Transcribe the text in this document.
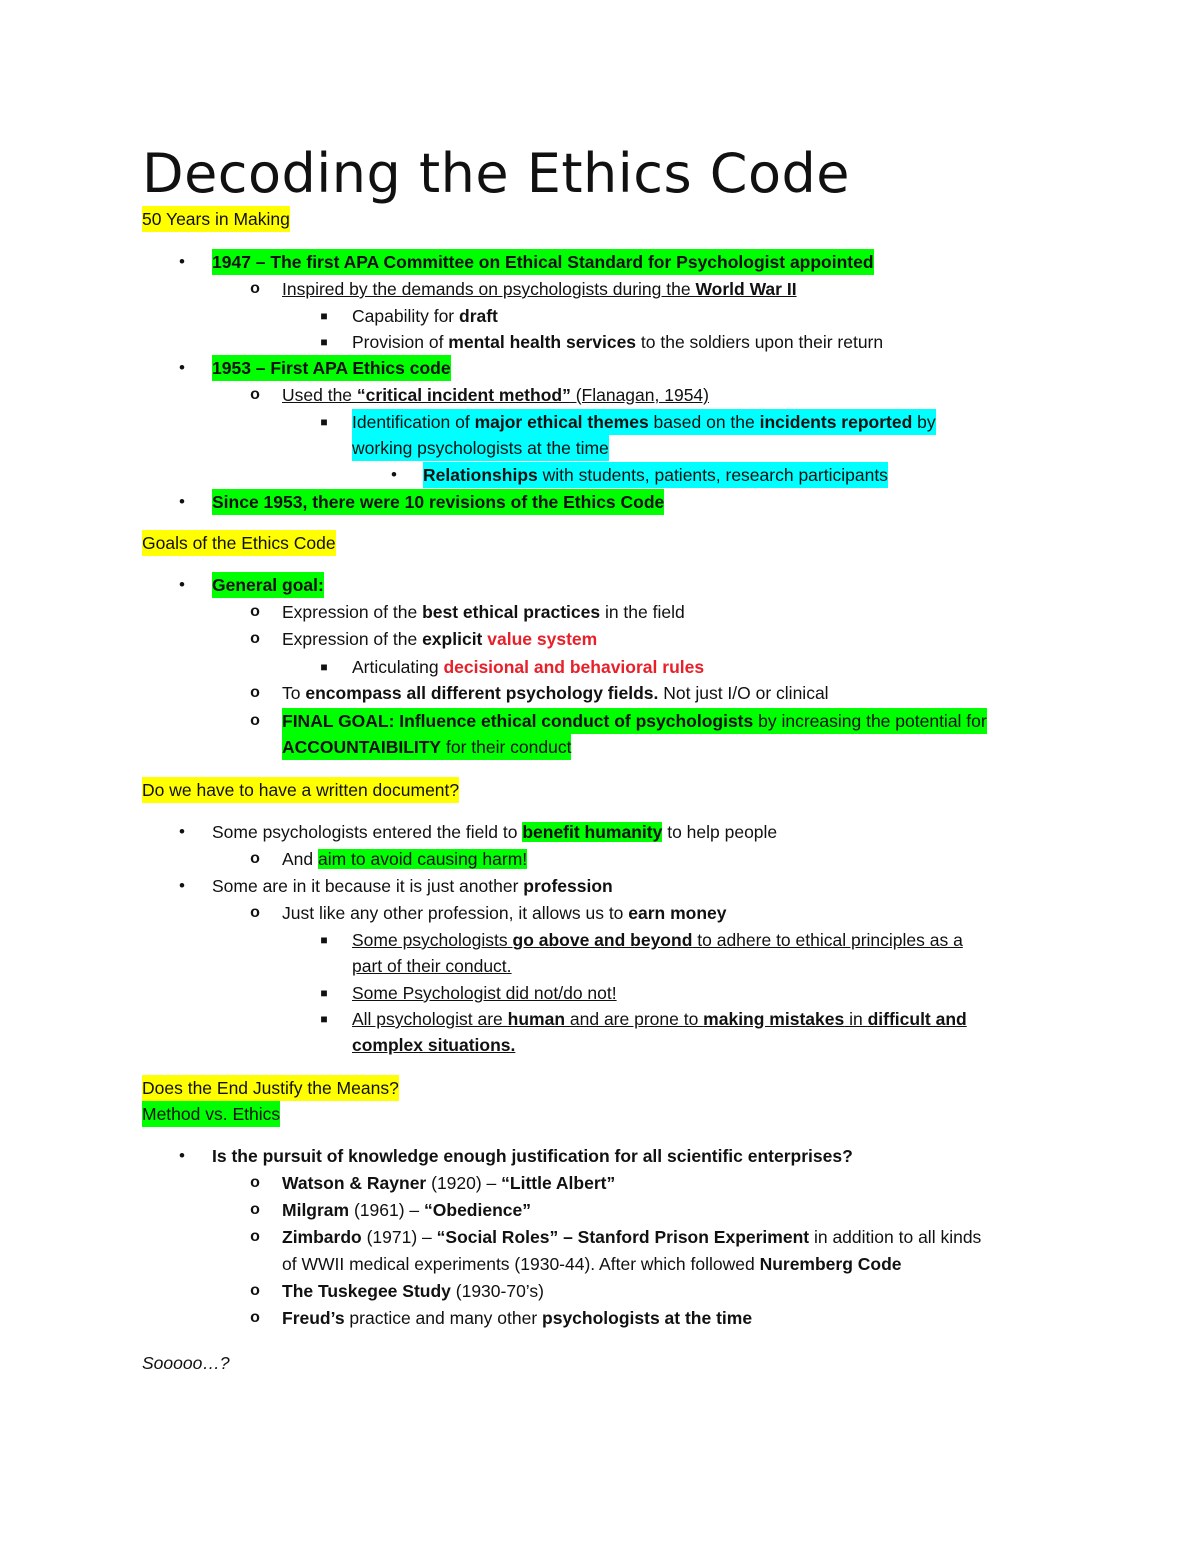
Decoding the Ethics Code
50 Years in Making
•	1947 – The first APA Committee on Ethical Standard for Psychologist appointed
o Inspired by the demands on psychologists during the World War II
■	Capability for draft
■	Provision of mental health services to the soldiers upon their return
•	1953 – First APA Ethics code
o Used the “critical incident method” (Flanagan, 1954)
■	Identification of major ethical themes based on the incidents reported by
working psychologists at the time
•	Relationships with students, patients, research participants
•	Since 1953, there were 10 revisions of the Ethics Code
Goals of the Ethics Code
•	General goal:
o Expression of the best ethical practices in the field
o Expression of the explicit value system
■	Articulating decisional and behavioral rules
o To encompass all different psychology fields. Not just I/O or clinical
o FINAL GOAL: Influence ethical conduct of psychologists by increasing the potential for
ACCOUNTAIBILITY for their conduct
Do we have to have a written document?
•	Some psychologists entered the field to benefit humanity to help people
o And aim to avoid causing harm!
•	Some are in it because it is just another profession
o Just like any other profession, it allows us to earn money
■	Some psychologists go above and beyond to adhere to ethical principles as a
part of their conduct.
■	Some Psychologist did not/do not!
■	All psychologist are human and are prone to making mistakes in difficult and
complex situations.
Does the End Justify the Means?
Method vs. Ethics
•	Is the pursuit of knowledge enough justification for all scientific enterprises?
o Watson & Rayner (1920) – “Little Albert”
o Milgram (1961) – “Obedience”
o Zimbardo (1971) – “Social Roles” – Stanford Prison Experiment in addition to all kinds
of WWII medical experiments (1930-44). After which followed Nuremberg Code
o The Tuskegee Study (1930-70’s)
o Freud’s practice and many other psychologists at the time
Sooooo…?
